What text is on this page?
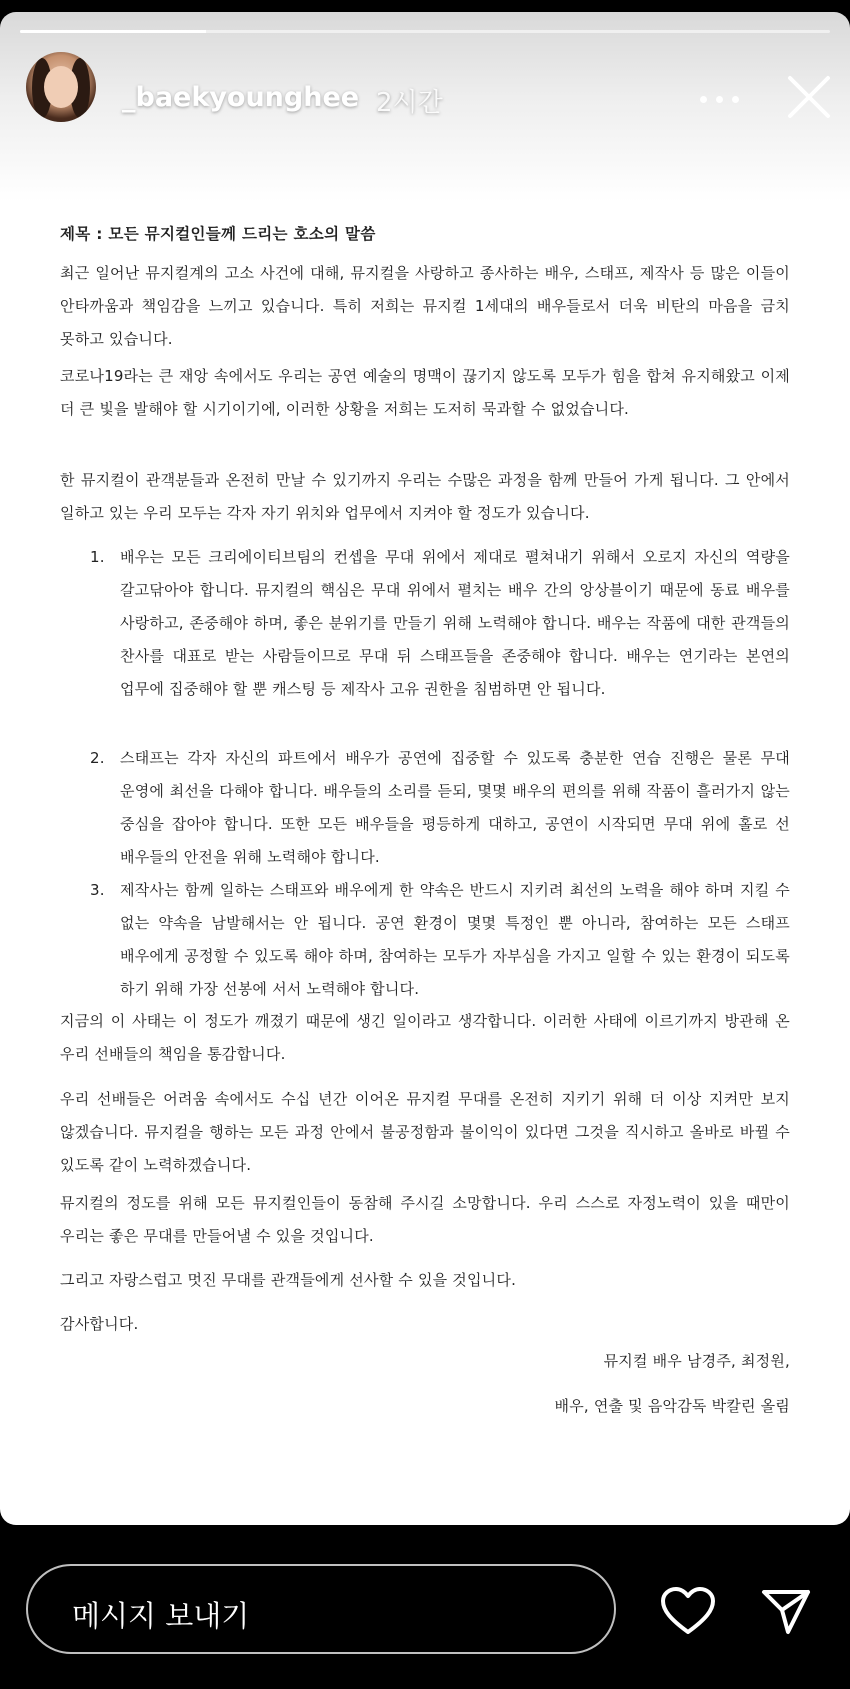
_baekyounghee 2시간
제목 : 모든 뮤지컬인들께 드리는 호소의 말씀

최근 일어난 뮤지컬계의 고소 사건에 대해, 뮤지컬을 사랑하고 종사하는 배우, 스태프, 제작사 등 많은 이들이 안타까움과 책임감을 느끼고 있습니다. 특히 저희는 뮤지컬 1세대의 배우들로서 더욱 비탄의 마음을 금치 못하고 있습니다.

코로나19라는 큰 재앙 속에서도 우리는 공연 예술의 명맥이 끊기지 않도록 모두가 힘을 합쳐 유지해왔고 이제 더 큰 빛을 발해야 할 시기이기에, 이러한 상황을 저희는 도저히 묵과할 수 없었습니다.

한 뮤지컬이 관객분들과 온전히 만날 수 있기까지 우리는 수많은 과정을 함께 만들어 가게 됩니다. 그 안에서 일하고 있는 우리 모두는 각자 자기 위치와 업무에서 지켜야 할 정도가 있습니다.

1. 배우는 모든 크리에이티브팀의 컨셉을 무대 위에서 제대로 펼쳐내기 위해서 오로지 자신의 역량을 갈고닦아야 합니다. 뮤지컬의 핵심은 무대 위에서 펼치는 배우 간의 앙상블이기 때문에 동료 배우를 사랑하고, 존중해야 하며, 좋은 분위기를 만들기 위해 노력해야 합니다. 배우는 작품에 대한 관객들의 찬사를 대표로 받는 사람들이므로 무대 뒤 스태프들을 존중해야 합니다. 배우는 연기라는 본연의 업무에 집중해야 할 뿐 캐스팅 등 제작사 고유 권한을 침범하면 안 됩니다.
2. 스태프는 각자 자신의 파트에서 배우가 공연에 집중할 수 있도록 충분한 연습 진행은 물론 무대 운영에 최선을 다해야 합니다. 배우들의 소리를 듣되, 몇몇 배우의 편의를 위해 작품이 흘러가지 않는 중심을 잡아야 합니다. 또한 모든 배우들을 평등하게 대하고, 공연이 시작되면 무대 위에 홀로 선 배우들의 안전을 위해 노력해야 합니다.
3. 제작사는 함께 일하는 스태프와 배우에게 한 약속은 반드시 지키려 최선의 노력을 해야 하며 지킬 수 없는 약속을 남발해서는 안 됩니다. 공연 환경이 몇몇 특정인 뿐 아니라, 참여하는 모든 스태프 배우에게 공정할 수 있도록 해야 하며, 참여하는 모두가 자부심을 가지고 일할 수 있는 환경이 되도록 하기 위해 가장 선봉에 서서 노력해야 합니다.

지금의 이 사태는 이 정도가 깨졌기 때문에 생긴 일이라고 생각합니다. 이러한 사태에 이르기까지 방관해 온 우리 선배들의 책임을 통감합니다.

우리 선배들은 어려움 속에서도 수십 년간 이어온 뮤지컬 무대를 온전히 지키기 위해 더 이상 지켜만 보지 않겠습니다. 뮤지컬을 행하는 모든 과정 안에서 불공정함과 불이익이 있다면 그것을 직시하고 올바로 바뀔 수 있도록 같이 노력하겠습니다.

뮤지컬의 정도를 위해 모든 뮤지컬인들이 동참해 주시길 소망합니다. 우리 스스로 자정노력이 있을 때만이 우리는 좋은 무대를 만들어낼 수 있을 것입니다.

그리고 자랑스럽고 멋진 무대를 관객들에게 선사할 수 있을 것입니다.

감사합니다.

뮤지컬 배우 남경주, 최정원,
배우, 연출 및 음악감독 박칼린 올림
메시지 보내기
